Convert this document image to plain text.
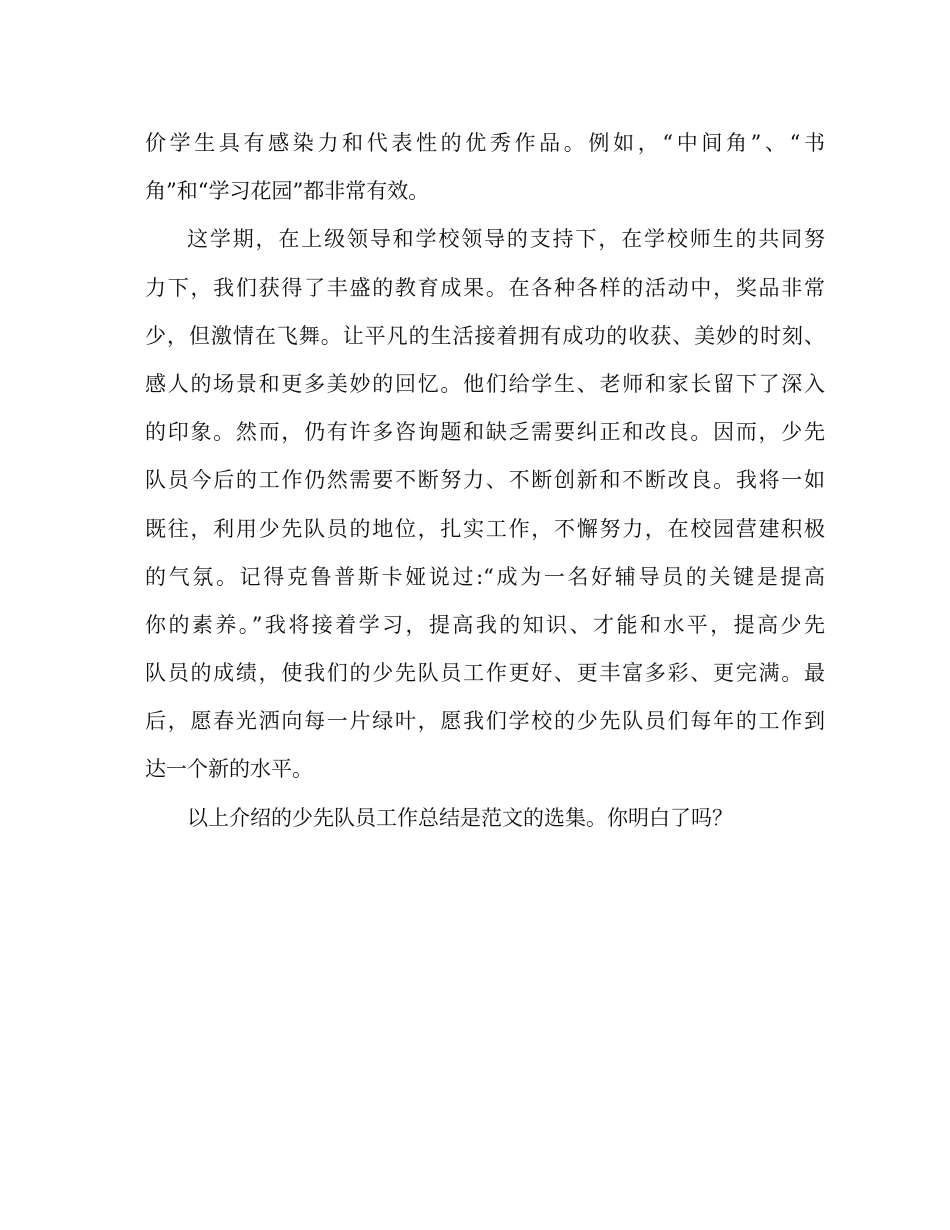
价学生具有感染力和代表性的优秀作品。例如，“中间角”、“书
角”和“学习花园”都非常有效。
这学期，在上级领导和学校领导的支持下，在学校师生的共同努
力下，我们获得了丰盛的教育成果。在各种各样的活动中，奖品非常
少，但激情在飞舞。让平凡的生活接着拥有成功的收获、美妙的时刻、
感人的场景和更多美妙的回忆。他们给学生、老师和家长留下了深入
的印象。然而，仍有许多咨询题和缺乏需要纠正和改良。因而，少先
队员今后的工作仍然需要不断努力、不断创新和不断改良。我将一如
既往，利用少先队员的地位，扎实工作，不懈努力，在校园营建积极
的气氛。记得克鲁普斯卡娅说过:“成为一名好辅导员的关键是提高
你的素养。”我将接着学习，提高我的知识、才能和水平，提高少先
队员的成绩，使我们的少先队员工作更好、更丰富多彩、更完满。最
后，愿春光洒向每一片绿叶，愿我们学校的少先队员们每年的工作到
达一个新的水平。
以上介绍的少先队员工作总结是范文的选集。你明白了吗？
